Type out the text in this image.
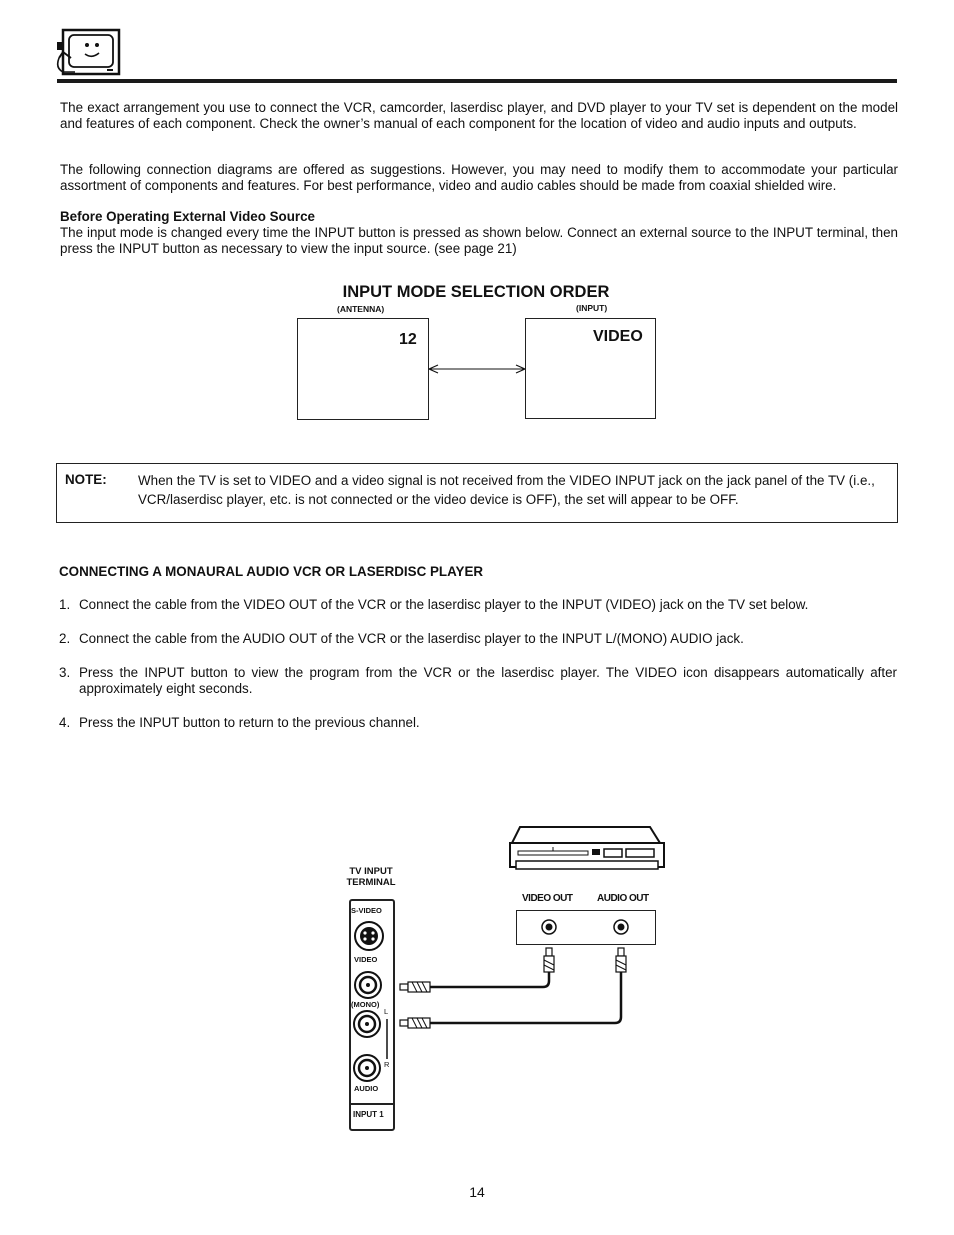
The exact arrangement you use to connect the VCR, camcorder, laserdisc player, and DVD player to your TV set is dependent on the model and features of each component. Check the owner’s manual of each component for the location of video and audio inputs and outputs.
The following connection diagrams are offered as suggestions. However, you may need to modify them to accommodate your particular assortment of components and features. For best performance, video and audio cables should be made from coaxial shielded wire.
Before Operating External Video Source
The input mode is changed every time the INPUT button is pressed as shown below. Connect an external source to the INPUT terminal, then press the INPUT button as necessary to view the input source. (see page 21)
INPUT MODE SELECTION ORDER
(ANTENNA)	(INPUT)
12	VIDEO
NOTE: When the TV is set to VIDEO and a video signal is not received from the VIDEO INPUT jack on the jack panel of the TV (i.e., VCR/laserdisc player, etc. is not connected or the video device is OFF), the set will appear to be OFF.
CONNECTING A MONAURAL AUDIO VCR OR LASERDISC PLAYER
1. Connect the cable from the VIDEO OUT of the VCR or the laserdisc player to the INPUT (VIDEO) jack on the TV set below.
2. Connect the cable from the AUDIO OUT of the VCR or the laserdisc player to the INPUT L/(MONO) AUDIO jack.
3. Press the INPUT button to view the program from the VCR or the laserdisc player. The VIDEO icon disappears automatically after approximately eight seconds.
4. Press the INPUT button to return to the previous channel.
TV INPUT
TERMINAL
S-VIDEO
VIDEO
(MONO)
L
R
AUDIO
INPUT 1
VIDEO OUT AUDIO OUT
14
